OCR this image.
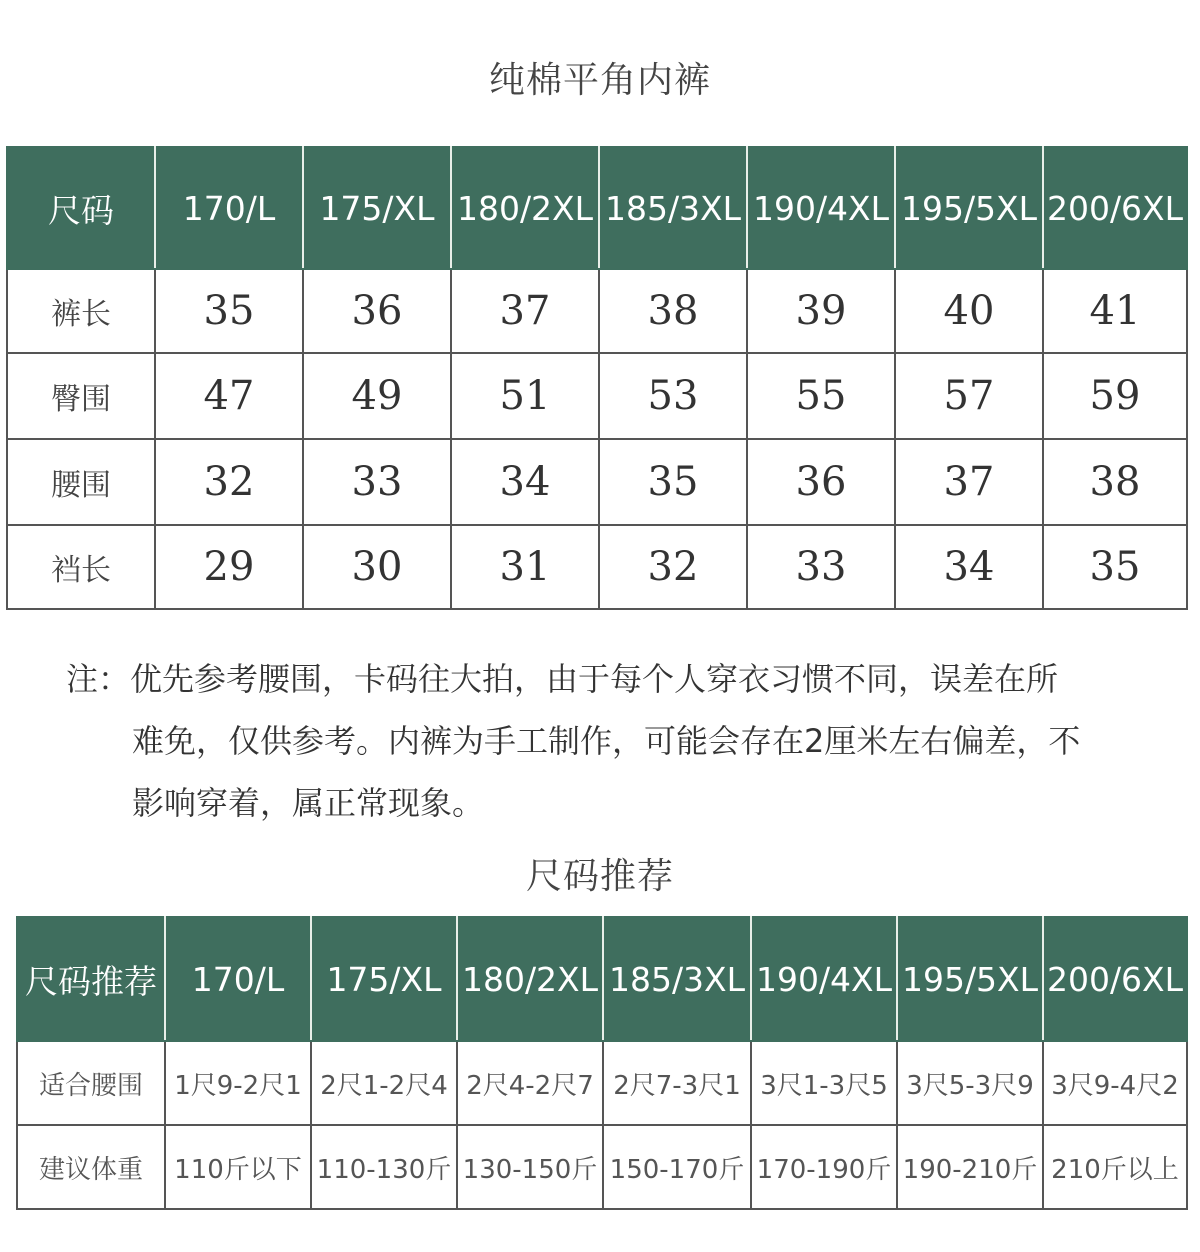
纯棉平角内裤
尺码	170/L	175/XL	180/2XL	185/3XL	190/4XL	195/5XL	200/6XL
裤长	35	36	37	38	39	40	41
臀围	47	49	51	53	55	57	59
腰围	32	33	34	35	36	37	38
裆长	29	30	31	32	33	34	35
注：优先参考腰围，卡码往大拍，由于每个人穿衣习惯不同，误差在所
难免，仅供参考。内裤为手工制作，可能会存在2厘米左右偏差，不
影响穿着，属正常现象。
尺码推荐
尺码推荐	170/L	175/XL	180/2XL	185/3XL	190/4XL	195/5XL	200/6XL
适合腰围	1尺9-2尺1	2尺1-2尺4	2尺4-2尺7	2尺7-3尺1	3尺1-3尺5	3尺5-3尺9	3尺9-4尺2
建议体重	110斤以下	110-130斤	130-150斤	150-170斤	170-190斤	190-210斤	210斤以上
